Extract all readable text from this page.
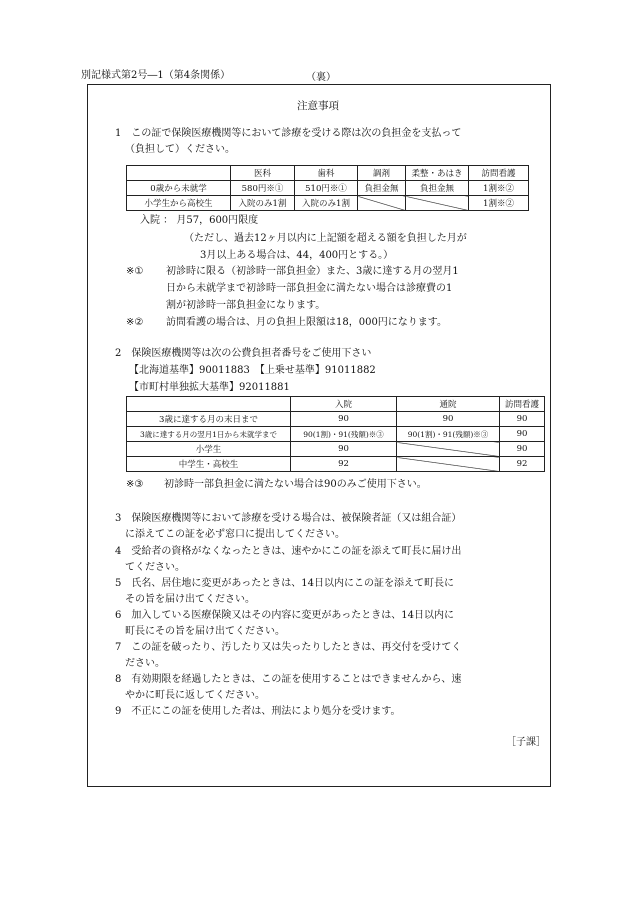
別記様式第2号―1（第4条関係）	（裏）
注意事項
1　この証で保険医療機関等において診療を受ける際は次の負担金を支払って
（負担して）ください。
	医科	歯科	調剤	柔整・あはき	訪問看護
0歳から未就学	580円※①	510円※①	負担金無	負担金無	1割※②
小学生から高校生	入院のみ1割	入院のみ1割			1割※②
入院 ： 月57，600円限度
（ただし、過去12ヶ月以内に上記額を超える額を負担した月が
3月以上ある場合は、44，400円とする。）
※① 初診時に限る（初診時一部負担金）また、3歳に達する月の翌月1
日から未就学まで初診時一部負担金に満たない場合は診療費の1
割が初診時一部負担金になります。
※② 訪問看護の場合は、月の負担上限額は18，000円になります。
2　保険医療機関等は次の公費負担者番号をご使用下さい
【北海道基準】90011883　【上乗せ基準】91011882
【市町村単独拡大基準】92011881
	入院	通院	訪問看護
3歳に達する月の末日まで	90	90	90
3歳に達する月の翌月1日から未就学まで	90(1割)・91(残額)※③	90(1割)・91(残額)※③	90
小学生	90		90
中学生・高校生	92		92
※③ 初診時一部負担金に満たない場合は90のみご使用下さい。
3　保険医療機関等において診療を受ける場合は、被保険者証（又は組合証）
に添えてこの証を必ず窓口に提出してください。
4　受給者の資格がなくなったときは、速やかにこの証を添えて町長に届け出
てください。
5　氏名、居住地に変更があったときは、14日以内にこの証を添えて町長に
その旨を届け出てください。
6　加入している医療保険又はその内容に変更があったときは、14日以内に
町長にその旨を届け出てください。
7　この証を破ったり、汚したり又は失ったりしたときは、再交付を受けてく
ださい。
8　有効期限を経過したときは、この証を使用することはできませんから、速
やかに町長に返してください。
9　不正にこの証を使用した者は、刑法により処分を受けます。
［子課］
